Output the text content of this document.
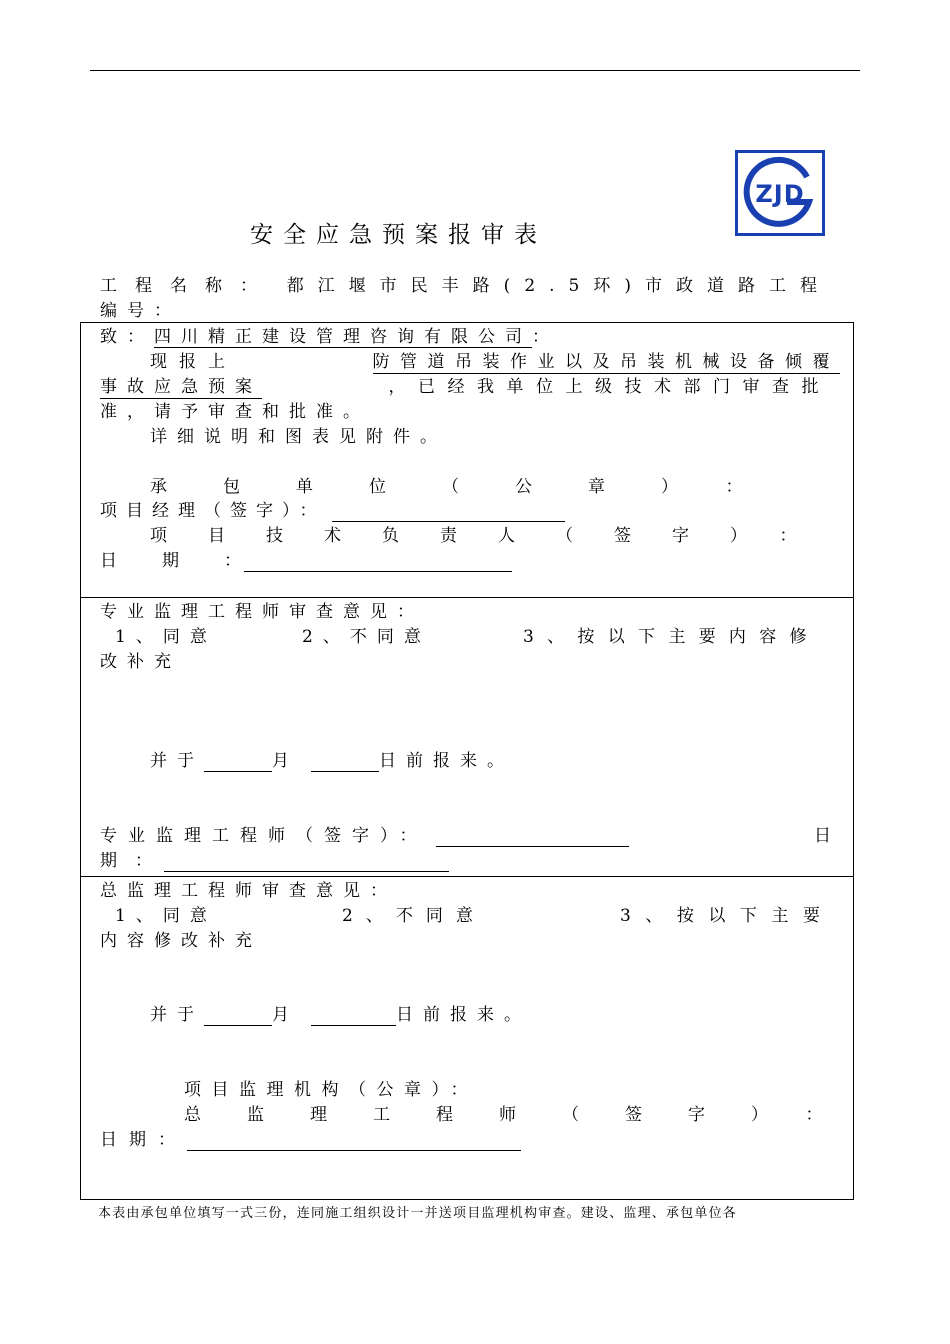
安全应急预案报审表
ZJD
工程名称： 都江堰市民丰路(2.5环)市政道路工程
编号：
致：四川精正建设管理咨询有限公司：
现报上	防管道吊装作业以及吊装机械设备倾覆
事故应急预案	，已经我单位上级技术部门审查批
准，请予审查和批准。
详细说明和图表见附件。
承包单位（公章）：
项目经理（签字）：
项目技术负责人（签字）：
日期：
专业监理工程师审查意见：
1、同意	2、不同意	3、按以下主要内容修
改补充
并于	月	日前报来。
专业监理工程师（签字）：	日
期：
总监理工程师审查意见：
1、同意	2、不同意	3、按以下主要
内容修改补充
并于	月	日前报来。
项目监理机构（公章）：
总监理工程师（签字）：
日期：
本表由承包单位填写一式三份，连同施工组织设计一并送项目监理机构审查。建设、监理、承包单位各
